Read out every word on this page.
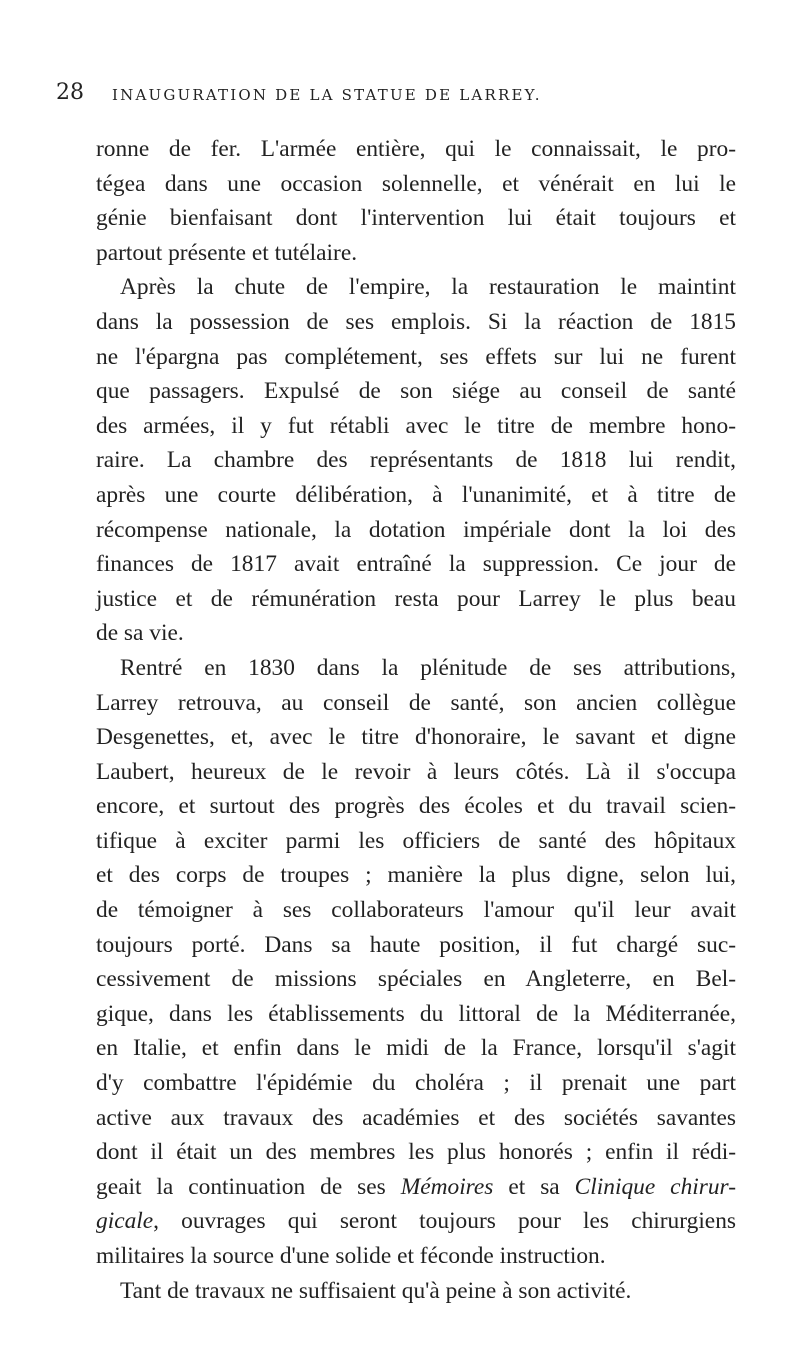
28 INAUGURATION DE LA STATUE DE LARREY.
ronne de fer. L'armée entière, qui le connaissait, le pro-
tégea dans une occasion solennelle, et vénérait en lui le
génie bienfaisant dont l'intervention lui était toujours et
partout présente et tutélaire.
Après la chute de l'empire, la restauration le maintint
dans la possession de ses emplois. Si la réaction de 1815
ne l'épargna pas complétement, ses effets sur lui ne furent
que passagers. Expulsé de son siége au conseil de santé
des armées, il y fut rétabli avec le titre de membre hono-
raire. La chambre des représentants de 1818 lui rendit,
après une courte délibération, à l'unanimité, et à titre de
récompense nationale, la dotation impériale dont la loi des
finances de 1817 avait entraîné la suppression. Ce jour de
justice et de rémunération resta pour Larrey le plus beau
de sa vie.
Rentré en 1830 dans la plénitude de ses attributions,
Larrey retrouva, au conseil de santé, son ancien collègue
Desgenettes, et, avec le titre d'honoraire, le savant et digne
Laubert, heureux de le revoir à leurs côtés. Là il s'occupa
encore, et surtout des progrès des écoles et du travail scien-
tifique à exciter parmi les officiers de santé des hôpitaux
et des corps de troupes ; manière la plus digne, selon lui,
de témoigner à ses collaborateurs l'amour qu'il leur avait
toujours porté. Dans sa haute position, il fut chargé suc-
cessivement de missions spéciales en Angleterre, en Bel-
gique, dans les établissements du littoral de la Méditerranée,
en Italie, et enfin dans le midi de la France, lorsqu'il s'agit
d'y combattre l'épidémie du choléra ; il prenait une part
active aux travaux des académies et des sociétés savantes
dont il était un des membres les plus honorés ; enfin il rédi-
geait la continuation de ses Mémoires et sa Clinique chirur-
gicale, ouvrages qui seront toujours pour les chirurgiens
militaires la source d'une solide et féconde instruction.
Tant de travaux ne suffisaient qu'à peine à son activité.
